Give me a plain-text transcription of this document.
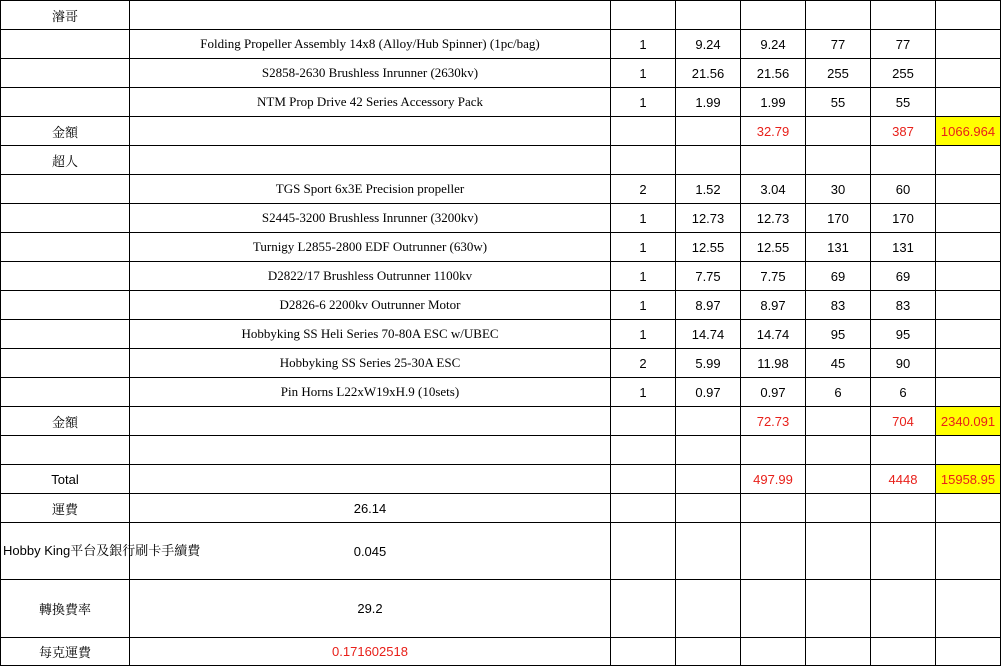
濬哥							
	Folding Propeller Assembly 14x8 (Alloy/Hub Spinner) (1pc/bag)	1	9.24	9.24	77	77	
	S2858-2630 Brushless Inrunner (2630kv)	1	21.56	21.56	255	255	
	NTM Prop Drive 42 Series Accessory Pack	1	1.99	1.99	55	55	
金額				32.79		387	1066.964
超人							
	TGS Sport 6x3E Precision propeller	2	1.52	3.04	30	60	
	S2445-3200 Brushless Inrunner (3200kv)	1	12.73	12.73	170	170	
	Turnigy L2855-2800 EDF Outrunner (630w)	1	12.55	12.55	131	131	
	D2822/17 Brushless Outrunner 1100kv	1	7.75	7.75	69	69	
	D2826-6 2200kv Outrunner Motor	1	8.97	8.97	83	83	
	Hobbyking SS Heli Series 70-80A ESC w/UBEC	1	14.74	14.74	95	95	
	Hobbyking SS Series 25-30A ESC	2	5.99	11.98	45	90	
	Pin Horns L22xW19xH.9 (10sets)	1	0.97	0.97	6	6	
金額				72.73		704	2340.091

Total				497.99		4448	15958.95
運費	26.14						
Hobby King平台及銀行刷卡手續費	0.045						
轉換費率	29.2						
每克運費	0.171602518						
